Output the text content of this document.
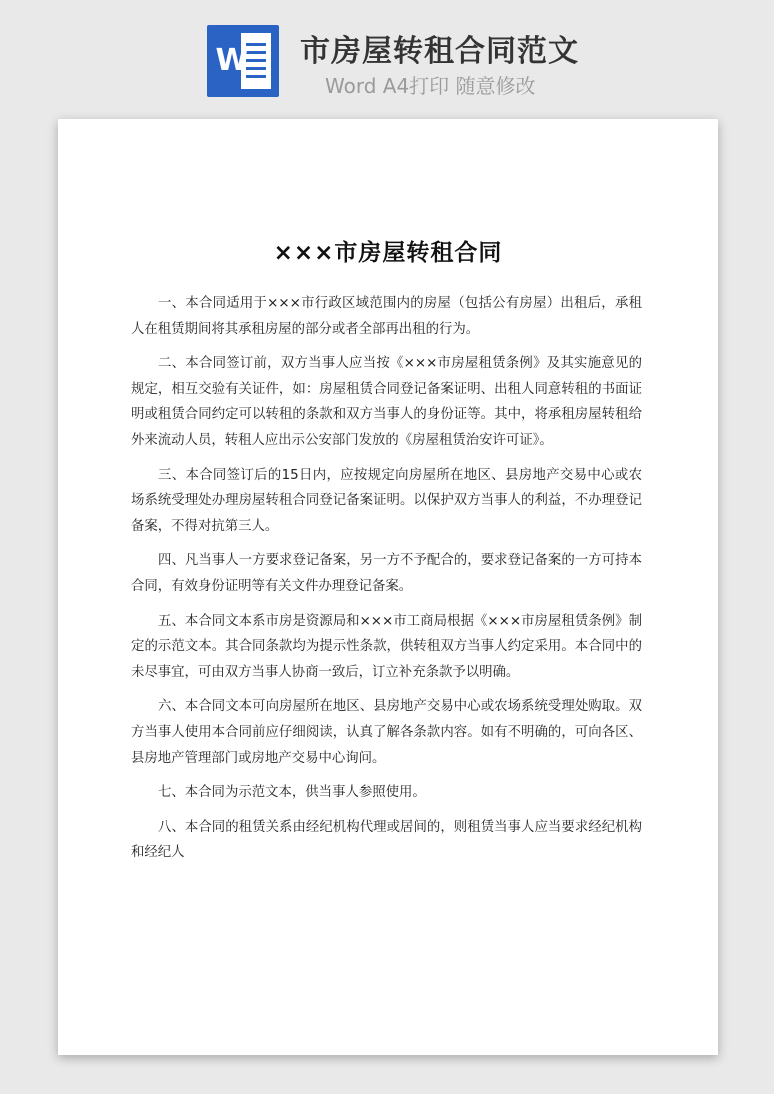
W 市房屋转租合同范文
Word A4打印 随意修改
×××市房屋转租合同

一、本合同适用于×××市行政区域范围内的房屋（包括公有房屋）出租后，承租人在租赁期间将其承租房屋的部分或者全部再出租的行为。

二、本合同签订前，双方当事人应当按《×××市房屋租赁条例》及其实施意见的规定，相互交验有关证件，如：房屋租赁合同登记备案证明、出租人同意转租的书面证明或租赁合同约定可以转租的条款和双方当事人的身份证等。其中，将承租房屋转租给外来流动人员，转租人应出示公安部门发放的《房屋租赁治安许可证》。

三、本合同签订后的15日内，应按规定向房屋所在地区、县房地产交易中心或农场系统受理处办理房屋转租合同登记备案证明。以保护双方当事人的利益，不办理登记备案，不得对抗第三人。

四、凡当事人一方要求登记备案，另一方不予配合的，要求登记备案的一方可持本合同，有效身份证明等有关文件办理登记备案。

五、本合同文本系市房是资源局和×××市工商局根据《×××市房屋租赁条例》制定的示范文本。其合同条款均为提示性条款，供转租双方当事人约定采用。本合同中的未尽事宜，可由双方当事人协商一致后，订立补充条款予以明确。

六、本合同文本可向房屋所在地区、县房地产交易中心或农场系统受理处购取。双方当事人使用本合同前应仔细阅读，认真了解各条款内容。如有不明确的，可向各区、县房地产管理部门或房地产交易中心询问。

七、本合同为示范文本，供当事人参照使用。

八、本合同的租赁关系由经纪机构代理或居间的，则租赁当事人应当要求经纪机构和经纪人
